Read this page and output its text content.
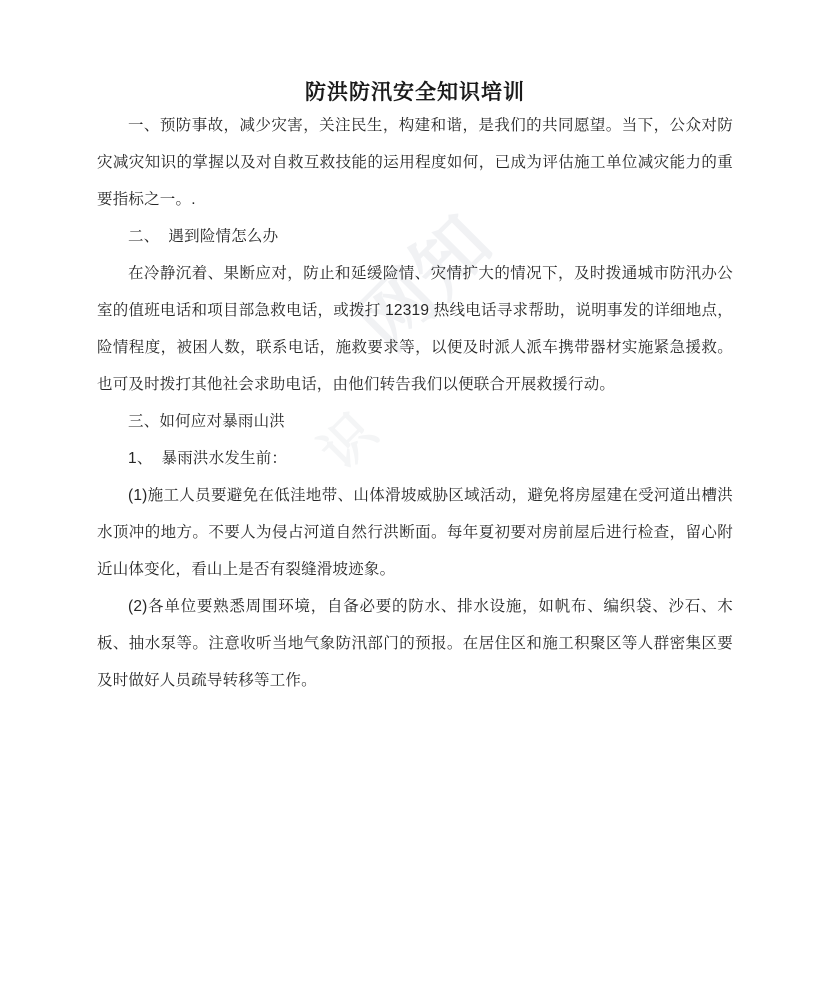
网知
识
防洪防汛安全知识培训

一、预防事故，减少灾害，关注民生，构建和谐，是我们的共同愿望。当下，公众对防灾减灾知识的掌握以及对自救互救技能的运用程度如何，已成为评估施工单位减灾能力的重要指标之一。.

二、  遇到险情怎么办

在冷静沉着、果断应对，防止和延缓险情、灾情扩大的情况下，及时拨通城市防汛办公室的值班电话和项目部急救电话，或拨打 12319 热线电话寻求帮助，说明事发的详细地点，险情程度，被困人数，联系电话，施救要求等，以便及时派人派车携带器材实施紧急援救。也可及时拨打其他社会求助电话，由他们转告我们以便联合开展救援行动。

三、如何应对暴雨山洪

1、  暴雨洪水发生前：

(1)施工人员要避免在低洼地带、山体滑坡威胁区域活动，避免将房屋建在受河道出槽洪水顶冲的地方。不要人为侵占河道自然行洪断面。每年夏初要对房前屋后进行检查，留心附近山体变化，看山上是否有裂缝滑坡迹象。

(2)各单位要熟悉周围环境，自备必要的防水、排水设施，如帆布、编织袋、沙石、木板、抽水泵等。注意收听当地气象防汛部门的预报。在居住区和施工积聚区等人群密集区要及时做好人员疏导转移等工作。
